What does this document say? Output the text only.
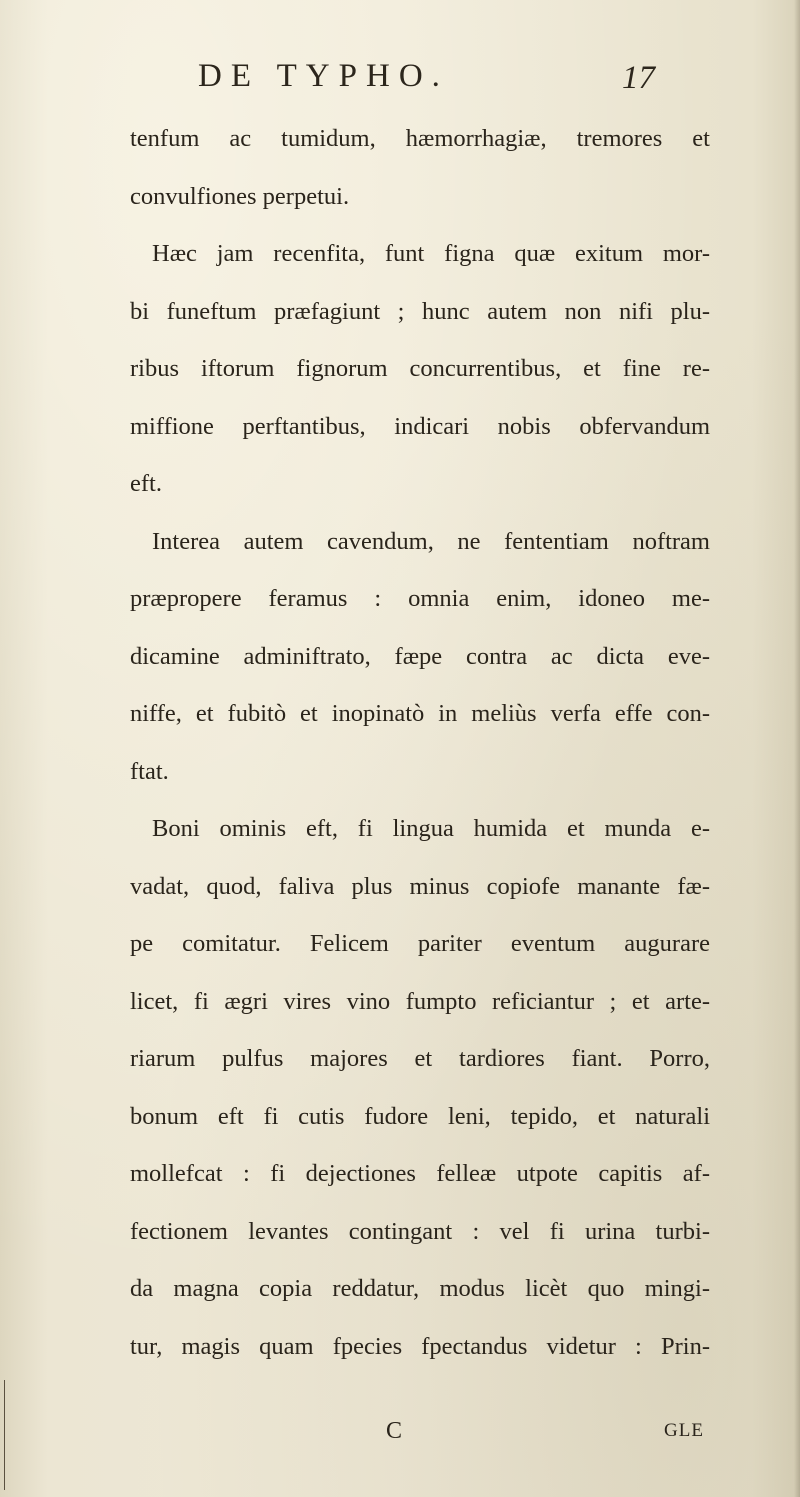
DE TYPHO.	17
tenfum ac tumidum, hæmorrhagiæ, tremores et
convulfiones perpetui.
Hæc jam recenfita, funt figna quæ exitum mor-
bi funeftum præfagiunt ; hunc autem non nifi plu-
ribus iftorum fignorum concurrentibus, et fine re-
miffione perftantibus, indicari nobis obfervandum
eft.
Interea autem cavendum, ne fententiam noftram
præpropere feramus : omnia enim, idoneo me-
dicamine adminiftrato, fæpe contra ac dicta eve-
niffe, et fubitò et inopinatò in meliùs verfa effe con-
ftat.
Boni ominis eft, fi lingua humida et munda e-
vadat, quod, faliva plus minus copiofe manante fæ-
pe comitatur. Felicem pariter eventum augurare
licet, fi ægri vires vino fumpto reficiantur ; et arte-
riarum pulfus majores et tardiores fiant. Porro,
bonum eft fi cutis fudore leni, tepido, et naturali
mollefcat : fi dejectiones felleæ utpote capitis af-
fectionem levantes contingant : vel fi urina turbi-
da magna copia reddatur, modus licèt quo mingi-
tur, magis quam fpecies fpectandus videtur : Prin-
C	GLE
